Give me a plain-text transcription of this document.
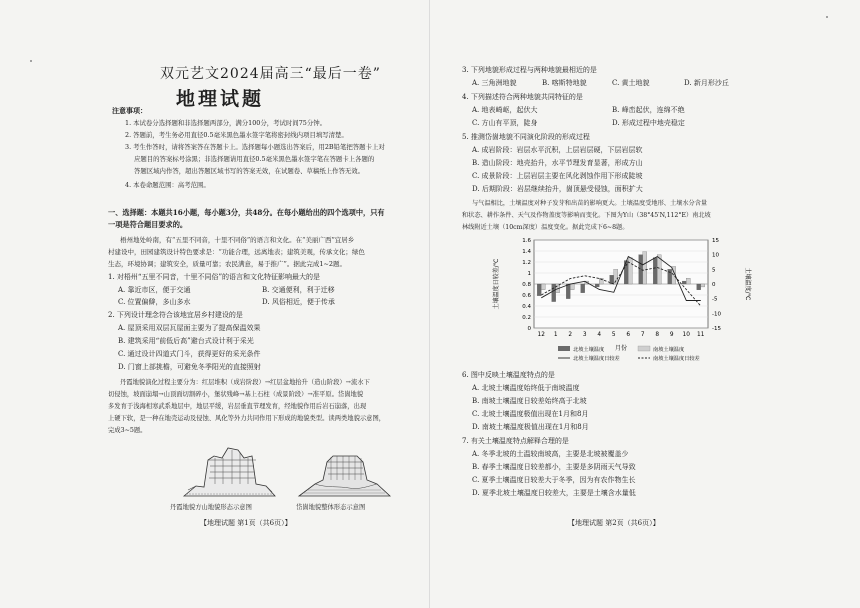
双元艺文2024届高三“最后一卷”
地理试题
注意事项：
1. 本试卷分选择题和非选择题两部分，满分100分，考试时间75分钟。
2. 答题前，考生务必用直径0.5毫米黑色墨水签字笔将密封线内项目填写清楚。
3. 考生作答时，请将答案答在答题卡上。选择题每小题选出答案后，用2B铅笔把答题卡上对
应题目的答案标号涂黑；非选择题请用直径0.5毫米黑色墨水签字笔在答题卡上各题的
答题区域内作答，超出答题区域书写的答案无效，在试题卷、草稿纸上作答无效。
4. 本卷命题范围：高考范围。
一、选择题：本题共16小题，每小题3分，共48分。在每小题给出的四个选项中，只有
一项是符合题目要求的。
梧州地处岭南，有“五里不同音，十里不同俗”的语言和文化。在“美丽广西”宜居乡
村建设中，田园建筑设计特色要求是：“功能合理，远离地表；建筑美观，传承文化；绿色
生态，环境协调；建筑安全，质量可靠；农民满意，易于推广”。据此完成1~2题。
1. 对梧州“五里不同音，十里不同俗”的语言和文化特征影响最大的是
A. 靠近市区，便于交通	B. 交通便利，利于迁移
C. 位置偏僻，多山多水	D. 风俗相近，便于传承
2. 下列设计理念符合该地宜居乡村建设的是
A. 屋顶采用双层瓦屋面主要为了提高保温效果
B. 建筑采用“前低后高”避台式设计利于采光
C. 通过设计四道式门斗，获得更好的采光条件
D. 门窗上部挑檐，可避免冬季阳光的直接照射
丹霞地貌演化过程主要分为：红层堆积（成岩阶段）→红层盆地抬升（造山阶段）→流水下
切侵蚀，坡面崩塌→山顶面切割碎小，堡状残峰→基上石柱（成景阶段）→准平原。岱崮地貌
多发育于浅海相寒武系地层中，地层平缓，岩层垂直节理发育，经地貌作用后岩石崩落，出现
上硬下软，是一种在地壳运动及侵蚀、风化等外力共同作用下形成的地貌类型。读两类地貌示意图，
完成3~5题。
丹霞地貌方山地貌形态示意图	岱崮地貌整体形态示意图
【地理试题 第1页（共6页）】
3. 下列地貌形成过程与两种地貌最相近的是
A. 三角洲地貌	B. 喀斯特地貌	C. 黄土地貌	D. 新月形沙丘
4. 下列描述符合两种地貌共同特征的是
A. 地表崎岖，起伏大	B. 峰峦起伏，连绵不绝
C. 方山有平顶，陡身	D. 形成过程中地壳稳定
5. 推测岱崮地貌不同演化阶段的形成过程
A. 成岩阶段：岩层水平沉积，上层岩层硬，下层岩层软
B. 造山阶段：地壳抬升，水平节理发育显著，形成方山
C. 成景阶段：上层岩层主要在风化剥蚀作用下形成陡坡
D. 后期阶段：岩层继续抬升，崮顶悬受侵蚀，面积扩大
与气温相比，土壤温度对种子发芽和出苗的影响更大。土壤温度受地形、土壤水分含量
和状态、耕作条件、天气及作物盖度等影响而变化。下图为Y山（38°45′N,112°E）南北坡
林线附近土壤（10cm深度）温度变化。据此完成下6~8题。
1.6
1.4
1.2
1
0.8
0.6
0.4
0.2
0
15
10
5
0
-5
-10
-15
12 1 2 3 4 5 6 7 8 9 10 11
土壤温度日较差/℃	土壤温度/℃
月份
北坡土壤温度	南坡土壤温度
北坡土壤温度日较差	南坡土壤温度日较差
6. 图中反映土壤温度特点的是
A. 北坡土壤温度始终低于南坡温度
B. 南坡土壤温度日较差始终高于北坡
C. 北坡土壤温度极值出现在1月和8月
D. 南坡土壤温度极值出现在1月和8月
7. 有关土壤温度特点解释合理的是
A. 冬季北坡的土温较南坡高，主要是北坡被覆盖少
B. 春季土壤温度日较差都小，主要是多阴雨天气导致
C. 夏季土壤温度日较差大于冬季，因为有农作物生长
D. 夏季北坡土壤温度日较差大，主要是土壤含水量低
【地理试题 第2页（共6页）】
